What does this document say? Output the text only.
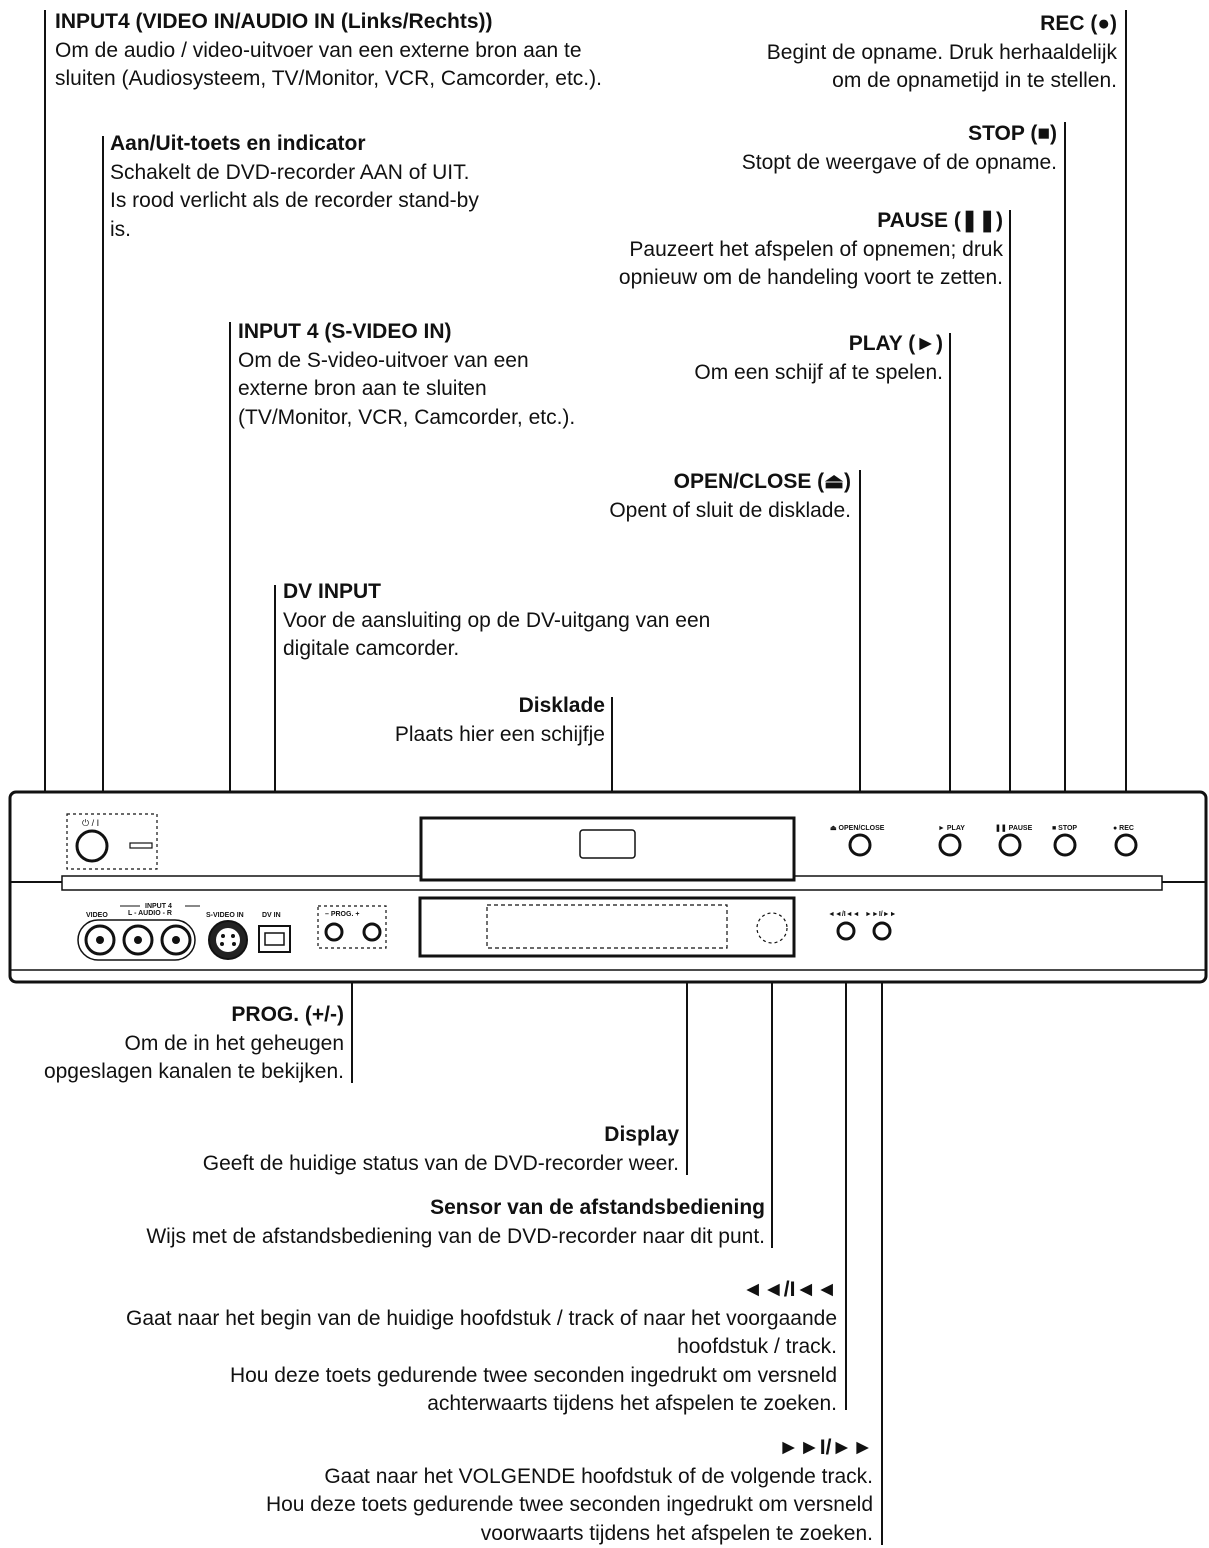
⏻ / I
⏏ OPEN/CLOSE	► PLAY	❚❚ PAUSE	■ STOP	● REC
INPUT 4
VIDEO	L - AUDIO - R	S-VIDEO IN	DV IN	– PROG. +	◄◄/I◄◄ ►►I/►►
INPUT4 (VIDEO IN/AUDIO IN (Links/Rechts))
Om de audio / video-uitvoer van een externe bron aan te
sluiten (Audiosysteem, TV/Monitor, VCR, Camcorder, etc.).
Aan/Uit-toets en indicator
Schakelt de DVD-recorder AAN of UIT.
Is rood verlicht als de recorder stand-by
is.
INPUT 4 (S-VIDEO IN)
Om de S-video-uitvoer van een
externe bron aan te sluiten
(TV/Monitor, VCR, Camcorder, etc.).
DV INPUT
Voor de aansluiting op de DV-uitgang van een
digitale camcorder.
Disklade
Plaats hier een schijfje
REC (●)
Begint de opname. Druk herhaaldelijk
om de opnametijd in te stellen.
STOP (■)
Stopt de weergave of de opname.
PAUSE (❚❚)
Pauzeert het afspelen of opnemen; druk
opnieuw om de handeling voort te zetten.
PLAY (►)
Om een schijf af te spelen.
OPEN/CLOSE (⏏)
Opent of sluit de disklade.
PROG. (+/-)
Om de in het geheugen
opgeslagen kanalen te bekijken.
Display
Geeft de huidige status van de DVD-recorder weer.
Sensor van de afstandsbediening
Wijs met de afstandsbediening van de DVD-recorder naar dit punt.
◄◄/I◄◄
Gaat naar het begin van de huidige hoofdstuk / track of naar het voorgaande
hoofdstuk / track.
Hou deze toets gedurende twee seconden ingedrukt om versneld
achterwaarts tijdens het afspelen te zoeken.
►►I/►►
Gaat naar het VOLGENDE hoofdstuk of de volgende track.
Hou deze toets gedurende twee seconden ingedrukt om versneld
voorwaarts tijdens het afspelen te zoeken.
